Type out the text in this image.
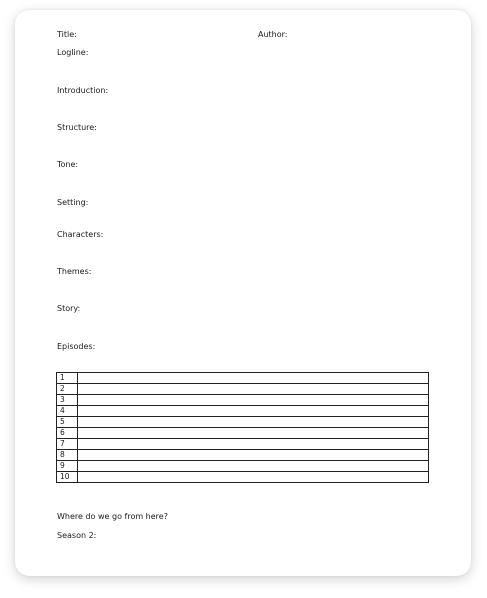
Title:	Author:
Logline:
Introduction:
Structure:
Tone:
Setting:
Characters:
Themes:
Story:
Episodes:
1	
2	
3	
4	
5	
6	
7	
8	
9	
10	
Where do we go from here?
Season 2:
